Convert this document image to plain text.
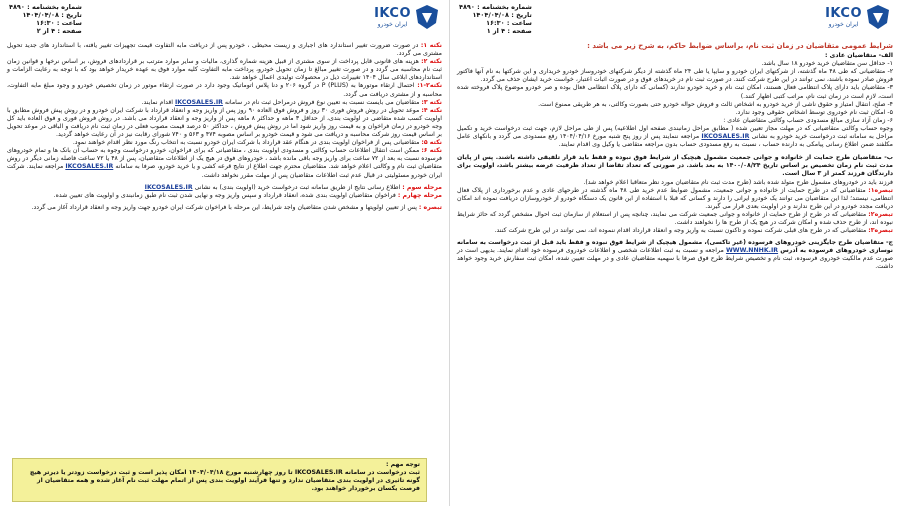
IKCO
ایران خودرو
شماره بخشنامه : ۴۸۹۰
تاریخ : ۱۴۰۴/۰۴/۰۸
ساعت : ۱۶:۳۰
صفحه : ۴ از ۲

نکته ۱: در صورت ضرورت تغییر استاندارد های اجباری و زیست محیطی ، خودرو پس از دریافت مابه التفاوت قیمت تجهیزات تغییر یافته، با استاندارد های جدید تحویل مشتری می گردد.

نکته ۲: هزینه های قانونی قابل پرداخت از سوی مشتری از قبیل هزینه شماره گذاری، مالیات و سایر موارد مترتب بر قراردادهای فروش، بر اساس نرخها و قوانین زمان ثبت نام محاسبه می گردد و در صورت تغییر مبالغ تا زمان تحویل خودرو، پرداخت مابه التفاوت کلیه موارد فوق به عهده خریدار خواهد بود که با توجه به رعایت الزامات و استانداردهای ابلاغی سال ۱۴۰۴ تغییرات ذیل در محصولات تولیدی اعمال خواهد شد.

نکته۲-۱: احتمال ارتقاء موتورها به (PLUS) P در گروه ۲۰۶ و دنا پلاس اتوماتیک وجود دارد در صورت ارتقاء موتور در زمان تخصیص خودرو و وجود مبلغ مابه التفاوت، محاسبه و از مشتری دریافت می گردد.

نکته ۳: متقاضیان می بایست نسبت به تعیین نوع فروش درمراحل ثبت نام در سامانه IKCOSALES.IR اقدام نمایند.

نکته ۴: موعد تحویل در روش فروش فوری ۳۰ روز و فروش فوق العاده ۹۰ روز پس از واریز وجه و انعقاد قرارداد با شرکت ایران خودرو و در روش پیش فروش مطابق با اولویت کسب شده متقاضی در اولویت بندی، از حداقل ۳ ماهه و حداکثر ۸ ماهه پس از واریز وجه و انعقاد قرارداد می باشد. در روش فروش فوری و فوق العاده باید کل وجه خودرو در زمان فراخوان و به قیمت روز واریز شود اما در روش پیش فروش ، حداکثر ۵۰ درصد قیمت مصوب فعلی در زمان ثبت نام دریافت و الباقی در موعد تحویل بر اساس قیمت روز شرکت محاسبه و دریافت می شود و قیمت خودرو بر اساس مصوبه ۴۷۴ و ۵۶۳ و ۷۴۰ شورای رقابت نیز در آن رعایت خواهد گردید.

نکته ۵: متقاضیانی پس از فراخوان اولویت بندی در هنگام عقد قرارداد با شرکت ایران خودرو نسبت به انتخاب رنگ مورد نظر اقدام خواهند نمود.

نکته ۶: ممکن است انتقال اطلاعات حساب وکالتی و مسدودی اولویت بندی ، متقاضیانی که برای فراخوان، خودرو درخواست وجوه به حساب آن بانک ها و تمام خودروهای فرسوده نسبت به بعد از ۷۲ ساعت برای واریز وجه باقی مانده باشد ، خودروهای فوق در هیچ یک از اطلاعات متقاضیان، پس از ۴۸ یا ۷۲ ساعت فاصله زمانی دیگر در روش متقاضیان ثبت نام و وکالتی اعلام خواهد شد. متقاضیان محترم جهت اطلاع از نتایج قرعه کشی و یا خرید خودرو، صرفا به سامانه IKCOSALES.IR مراجعه نمایند. شرکت ایران خودرو مسئولیتی در قبال عدم ثبت اطلاعات متقاضیان پس از مهلت مقرر نخواهد داشت.

مرحله سوم : اطلاع رسانی نتایج از طریق سامانه ثبت درخواست خرید (اولویت بندی) به نشانی IKCOSALES.IR

مرحله چهارم : فراخوان متقاضیان اولویت بندی شده، انعقاد قرارداد و سپس واریز وجه و نهایی شدن ثبت نام طبق زمانبندی و اولویت های تعیین شده.

تبصره : پس از تعیین اولویتها و مشخص شدن متقاضیان واجد شرایط، این مرحله با فراخوان شرکت ایران خودرو جهت واریز وجه و انعقاد قرارداد آغاز می گردد.

توجه مهم :
ثبت درخواست در سامانه IKCOSALES.IR تا روز چهارشنبه مورخ ۱۴۰۴/۰۴/۱۸ امکان پذیر است و ثبت درخواست زودتر یا دیرتر هیچ گونه تاثیری در اولویت بندی متقاضیان ندارد و تنها فرآیند اولویت بندی پس از اتمام مهلت ثبت نام آغاز شده و همه متقاضیان از فرصت یکسان برخوردار خواهند بود.
IKCO
ایران خودرو
شماره بخشنامه : ۴۸۹۰
تاریخ : ۱۴۰۴/۰۴/۰۸
ساعت : ۱۶:۳۰
صفحه : ۴ از ۱

شرایط عمومی متقاضیان در زمان ثبت نام، براساس ضوابط حاکم، به شرح زیر می باشد :

الف- متقاضیان عادی :

۱- حداقل سن متقاضیان خرید خودرو ۱۸ سال باشد.

۲- متقاضیانی که طی ۴۸ ماه گذشته، از شرکتهای ایران خودرو و سایپا یا طی ۲۴ ماه گذشته از دیگر شرکتهای خودروساز خودرو خریداری و این شرکتها به نام آنها فاکتور فروش صادر نموده باشند، نمی توانند در این طرح شرکت کنند. در صورت ثبت نام در خریدهای فوق و در صورت اثبات اعتبار، خواست خرید ایشان حذف می گردد.

۳- متقاضیان باید دارای پلاک انتظامی فعال هستند، امکان ثبت نام و خرید خودرو ندارند (کسانی که دارای پلاک انتظامی فعال بوده و صر خودرو موضوع پلاک فروخته شده است، لازم است در زمان ثبت نام، مراتب کتبی اظهار کنند.)

۴- صلح، انتقال امتیاز و حقوق ناشی از خرید خودرو به اشخاص ثالث و فروش حواله خودرو حتی بصورت وکالتی، به هر طریقی ممنوع است.

۵- امکان ثبت نام خودروی توسط اشخاص حقوقی وجود ندارد.

۶- زمان آزاد سازی مبالغ مسدودی حساب وکالتی متقاضیان عادی :

وجوه حساب وکالتی متقاضیانی که در مهلت مجاز تعیین شده ( مطابق مراحل زمانبندی صفحه اول اطلاعیه) پس از طی مراحل لازم، جهت ثبت درخواست خرید و تکمیل مراحل به سامانه ثبت درخواست خرید خودرو به نشانی IKCOSALES.IR مراجعه ننمایند پس از روز پنج شنبه مورخ ۱۴۰۴/۰۴/۱۶ رفع مسدودی می گردد و بانکهای عامل مکلفند ضمن اطلاع رسانی پیامکی به دارنده حساب ، نسبت به رفع مسدودی حساب بدون مراجعه متقاضی یا وکیل وی اقدام نمایند.

ب- متقاضیان طرح حمایت از خانواده و جوانی جمعیت مشمول هیچیک از شرایط فوق نبوده و فقط باید قرار تلفیقی داشته باشند. پس از پایان مدت ثبت نام زمان تخصیص بر اساس تاریخ ۱۴۰۰/۰۸/۲۴ به بعد باشد. در صورتی که تعداد تقاضا از تعداد ظرفیت عرضه بیشتر باشد، اولویت برای دارندگان فرزند کمتر از ۳ سال است.

فرزند باید در خودروهای مشمول طرح متولد شده باشد (طرح مدت ثبت نام متقاضیان مورد نظر متعاقبا اعلام خواهد شد).

تبصره۱: متقاضیانی که در طرح حمایت از خانواده و جوانی جمعیت، مشمول ضوابط عدم خرید طی ۴۸ ماه گذشته در طرحهای عادی و عدم برخورداری از پلاک فعال انتظامی، نیستند؛ لذا این متقاضیان می توانند یک خودرو ایرانی را دارند و کسانی که قبلا با استفاده از این قانون یک دستگاه خودرو از خودروسازان دریافت نموده اند امکان دریافت مجدد خودرو در این طرح ندارند و در اولویت بعدی قرار می گیرند.

تبصره۲: متقاضیانی که در طرح از طرح حمایت از خانواده و جوانی جمعیت شرکت می نمایند، چنانچه پس از استعلام از سازمان ثبت احوال مشخص گردد که حائز شرایط نبوده اند، از طرح حذف شده و امکان شرکت در هیچ یک از طرح ها را نخواهند داشت.

تبصره۳: متقاضیانی که در طرح های قبلی شرکت نموده و تاکنون نسبت به واریز وجه و انعقاد قرارداد اقدام ننموده اند، نمی توانند در این طرح شرکت کنند.

ج- متقاضیان طرح جایگزینی خودروهای فرسوده (غیر تاکسی)، مشمول هیچیک از شرایط فوق نبوده و فقط باید قبل از ثبت درخواست به سامانه نوسازی خودروهای فرسوده به آدرس WWW.NNHK.IR مراجعه و نسبت به ثبت اطلاعات شخصی و اطلاعات خودروی فرسوده خود اقدام نمایند. بدیهی است در صورت عدم مالکیت خودروی فرسوده، ثبت نام و تخصیص شرایط طرح فوق صرفا با سهمیه متقاضیان عادی و در مهلت تعیین شده، امکان ثبت سفارش خرید وجود خواهد داشت.
